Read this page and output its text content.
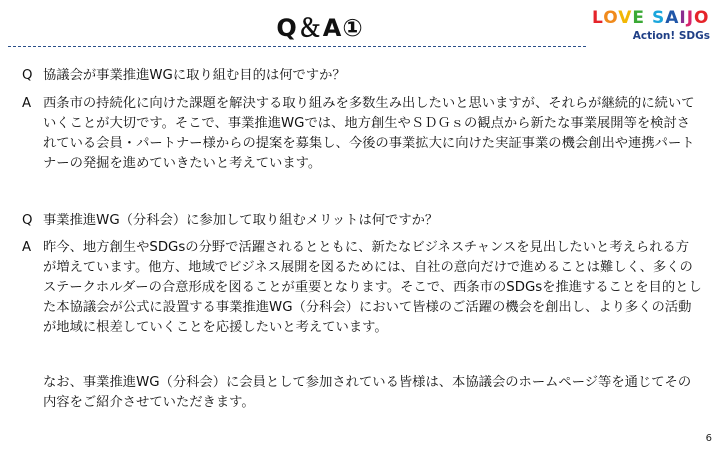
Q＆A①	LOVE SAIJO
Action! SDGs
Q 協議会が事業推進WGに取り組む目的は何ですか？
A 西条市の持続化に向けた課題を解決する取り組みを多数生み出したいと思いますが、それらが継続的に続いていくことが大切です。そこで、事業推進WGでは、地方創生やＳＤＧｓの観点から新たな事業展開等を検討されている会員・パートナー様からの提案を募集し、今後の事業拡大に向けた実証事業の機会創出や連携パートナーの発掘を進めていきたいと考えています。
Q 事業推進WG（分科会）に参加して取り組むメリットは何ですか？
A 昨今、地方創生やSDGsの分野で活躍されるとともに、新たなビジネスチャンスを見出したいと考えられる方が増えています。他方、地域でビジネス展開を図るためには、自社の意向だけで進めることは難しく、多くのステークホルダーの合意形成を図ることが重要となります。そこで、西条市のSDGsを推進することを目的とした本協議会が公式に設置する事業推進WG（分科会）において皆様のご活躍の機会を創出し、より多くの活動が地域に根差していくことを応援したいと考えています。
なお、事業推進WG（分科会）に会員として参加されている皆様は、本協議会のホームページ等を通じてその内容をご紹介させていただきます。
6
